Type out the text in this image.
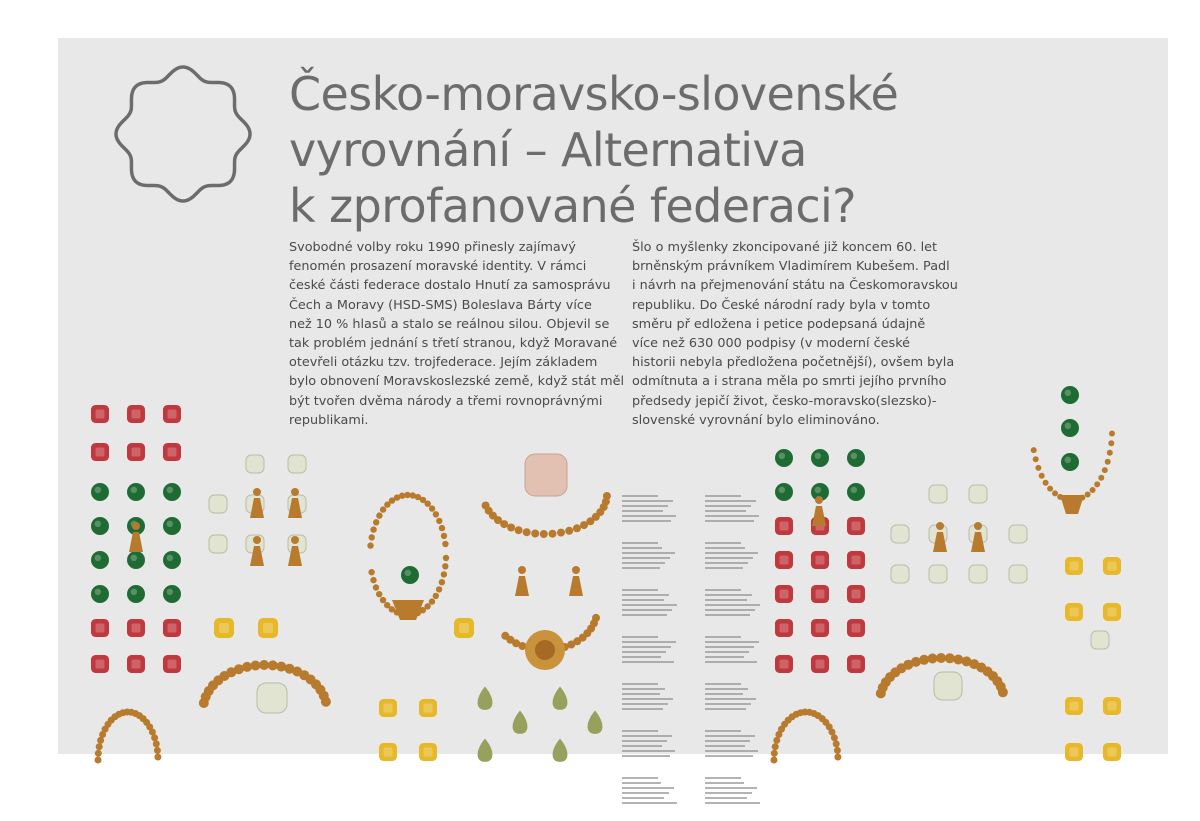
Česko-moravsko-slovenské
vyrovnání – Alternativa
k zprofanované federaci?

Svobodné volby roku 1990 přinesly zajímavý
fenomén prosazení moravské identity. V rámci
české části federace dostalo Hnutí za samosprávu
Čech a Moravy (HSD-SMS) Boleslava Bárty více
než 10 % hlasů a stalo se reálnou silou. Objevil se
tak problém jednání s třetí stranou, když Moravané
otevřeli otázku tzv. trojfederace. Jejím základem
bylo obnovení Moravskoslezské země, když stát měl
být tvořen dvěma národy a třemi rovnoprávnými
republikami.

Šlo o myšlenky zkoncipované již koncem 60. let
brněnským právníkem Vladimírem Kubešem. Padl
i návrh na přejmenování státu na Českomoravskou
republiku. Do České národní rady byla v tomto
směru př edložena i petice podepsaná údajně
více než 630 000 podpisy (v moderní české
historii nebyla předložena početnější), ovšem byla
odmítnuta a i strana měla po smrti jejího prvního
předsedy jepičí život, česko-moravsko(slezsko)-
slovenské vyrovnání bylo eliminováno.
